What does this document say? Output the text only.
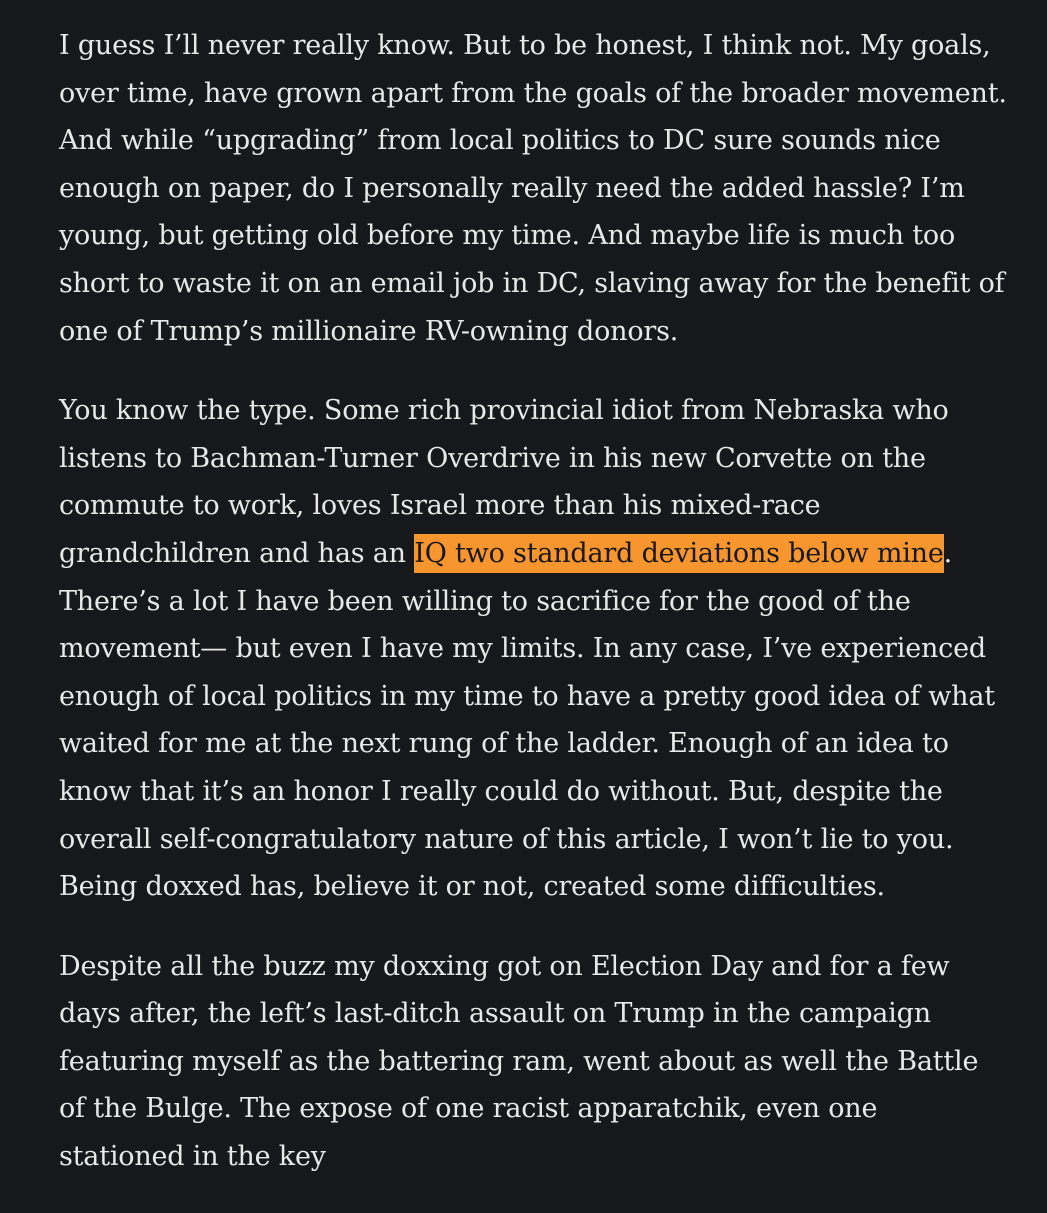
I guess I’ll never really know. But to be honest, I think not. My goals, over time, have grown apart from the goals of the broader movement. And while “upgrading” from local politics to DC sure sounds nice enough on paper, do I personally really need the added hassle? I’m young, but getting old before my time. And maybe life is much too short to waste it on an email job in DC, slaving away for the benefit of one of Trump’s millionaire RV-owning donors.

You know the type. Some rich provincial idiot from Nebraska who listens to Bachman-Turner Overdrive in his new Corvette on the commute to work, loves Israel more than his mixed-race grandchildren and has an IQ two standard deviations below mine. There’s a lot I have been willing to sacrifice for the good of the movement— but even I have my limits. In any case, I’ve experienced enough of local politics in my time to have a pretty good idea of what waited for me at the next rung of the ladder. Enough of an idea to know that it’s an honor I really could do without. But, despite the overall self-congratulatory nature of this article, I won’t lie to you. Being doxxed has, believe it or not, created some difficulties.

Despite all the buzz my doxxing got on Election Day and for a few days after, the left’s last-ditch assault on Trump in the campaign featuring myself as the battering ram, went about as well the Battle of the Bulge. The expose of one racist apparatchik, even one stationed in the key
